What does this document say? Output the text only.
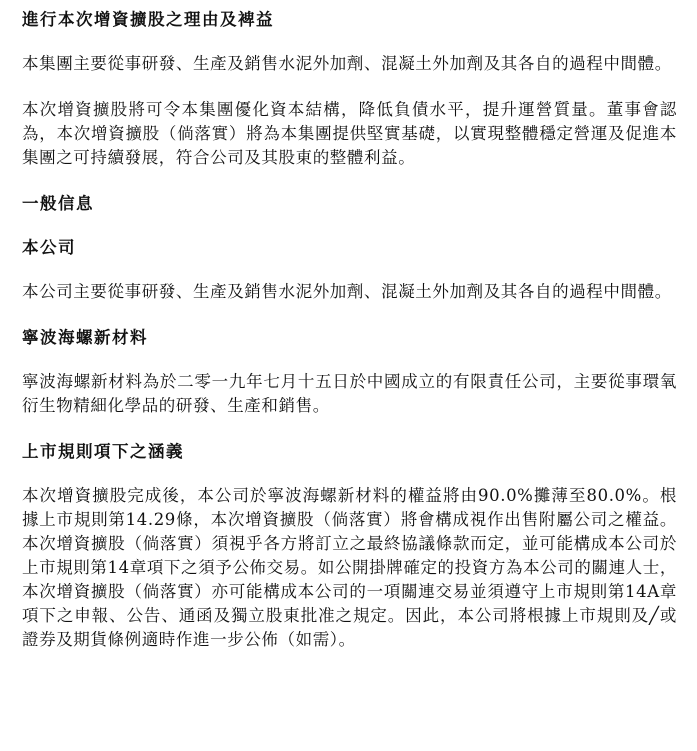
進行本次增資擴股之理由及裨益

本集團主要從事研發、生產及銷售水泥外加劑、混凝土外加劑及其各自的過程中間體。

本次增資擴股將可令本集團優化資本結構，降低負債水平，提升運營質量。董事會認為，本次增資擴股（倘落實）將為本集團提供堅實基礎，以實現整體穩定營運及促進本集團之可持續發展，符合公司及其股東的整體利益。

一般信息
本公司

本公司主要從事研發、生產及銷售水泥外加劑、混凝土外加劑及其各自的過程中間體。

寧波海螺新材料

寧波海螺新材料為於二零一九年七月十五日於中國成立的有限責任公司，主要從事環氧衍生物精細化學品的研發、生產和銷售。

上市規則項下之涵義

本次增資擴股完成後，本公司於寧波海螺新材料的權益將由90.0%攤薄至80.0%。根據上市規則第14.29條，本次增資擴股（倘落實）將會構成視作出售附屬公司之權益。本次增資擴股（倘落實）須視乎各方將訂立之最終協議條款而定，並可能構成本公司於上市規則第14章項下之須予公佈交易。如公開掛牌確定的投資方為本公司的關連人士，本次增資擴股（倘落實）亦可能構成本公司的一項關連交易並須遵守上市規則第14A章項下之申報、公告、通函及獨立股東批准之規定。因此，本公司將根據上市規則及╱或證券及期貨條例適時作進一步公佈（如需）。
